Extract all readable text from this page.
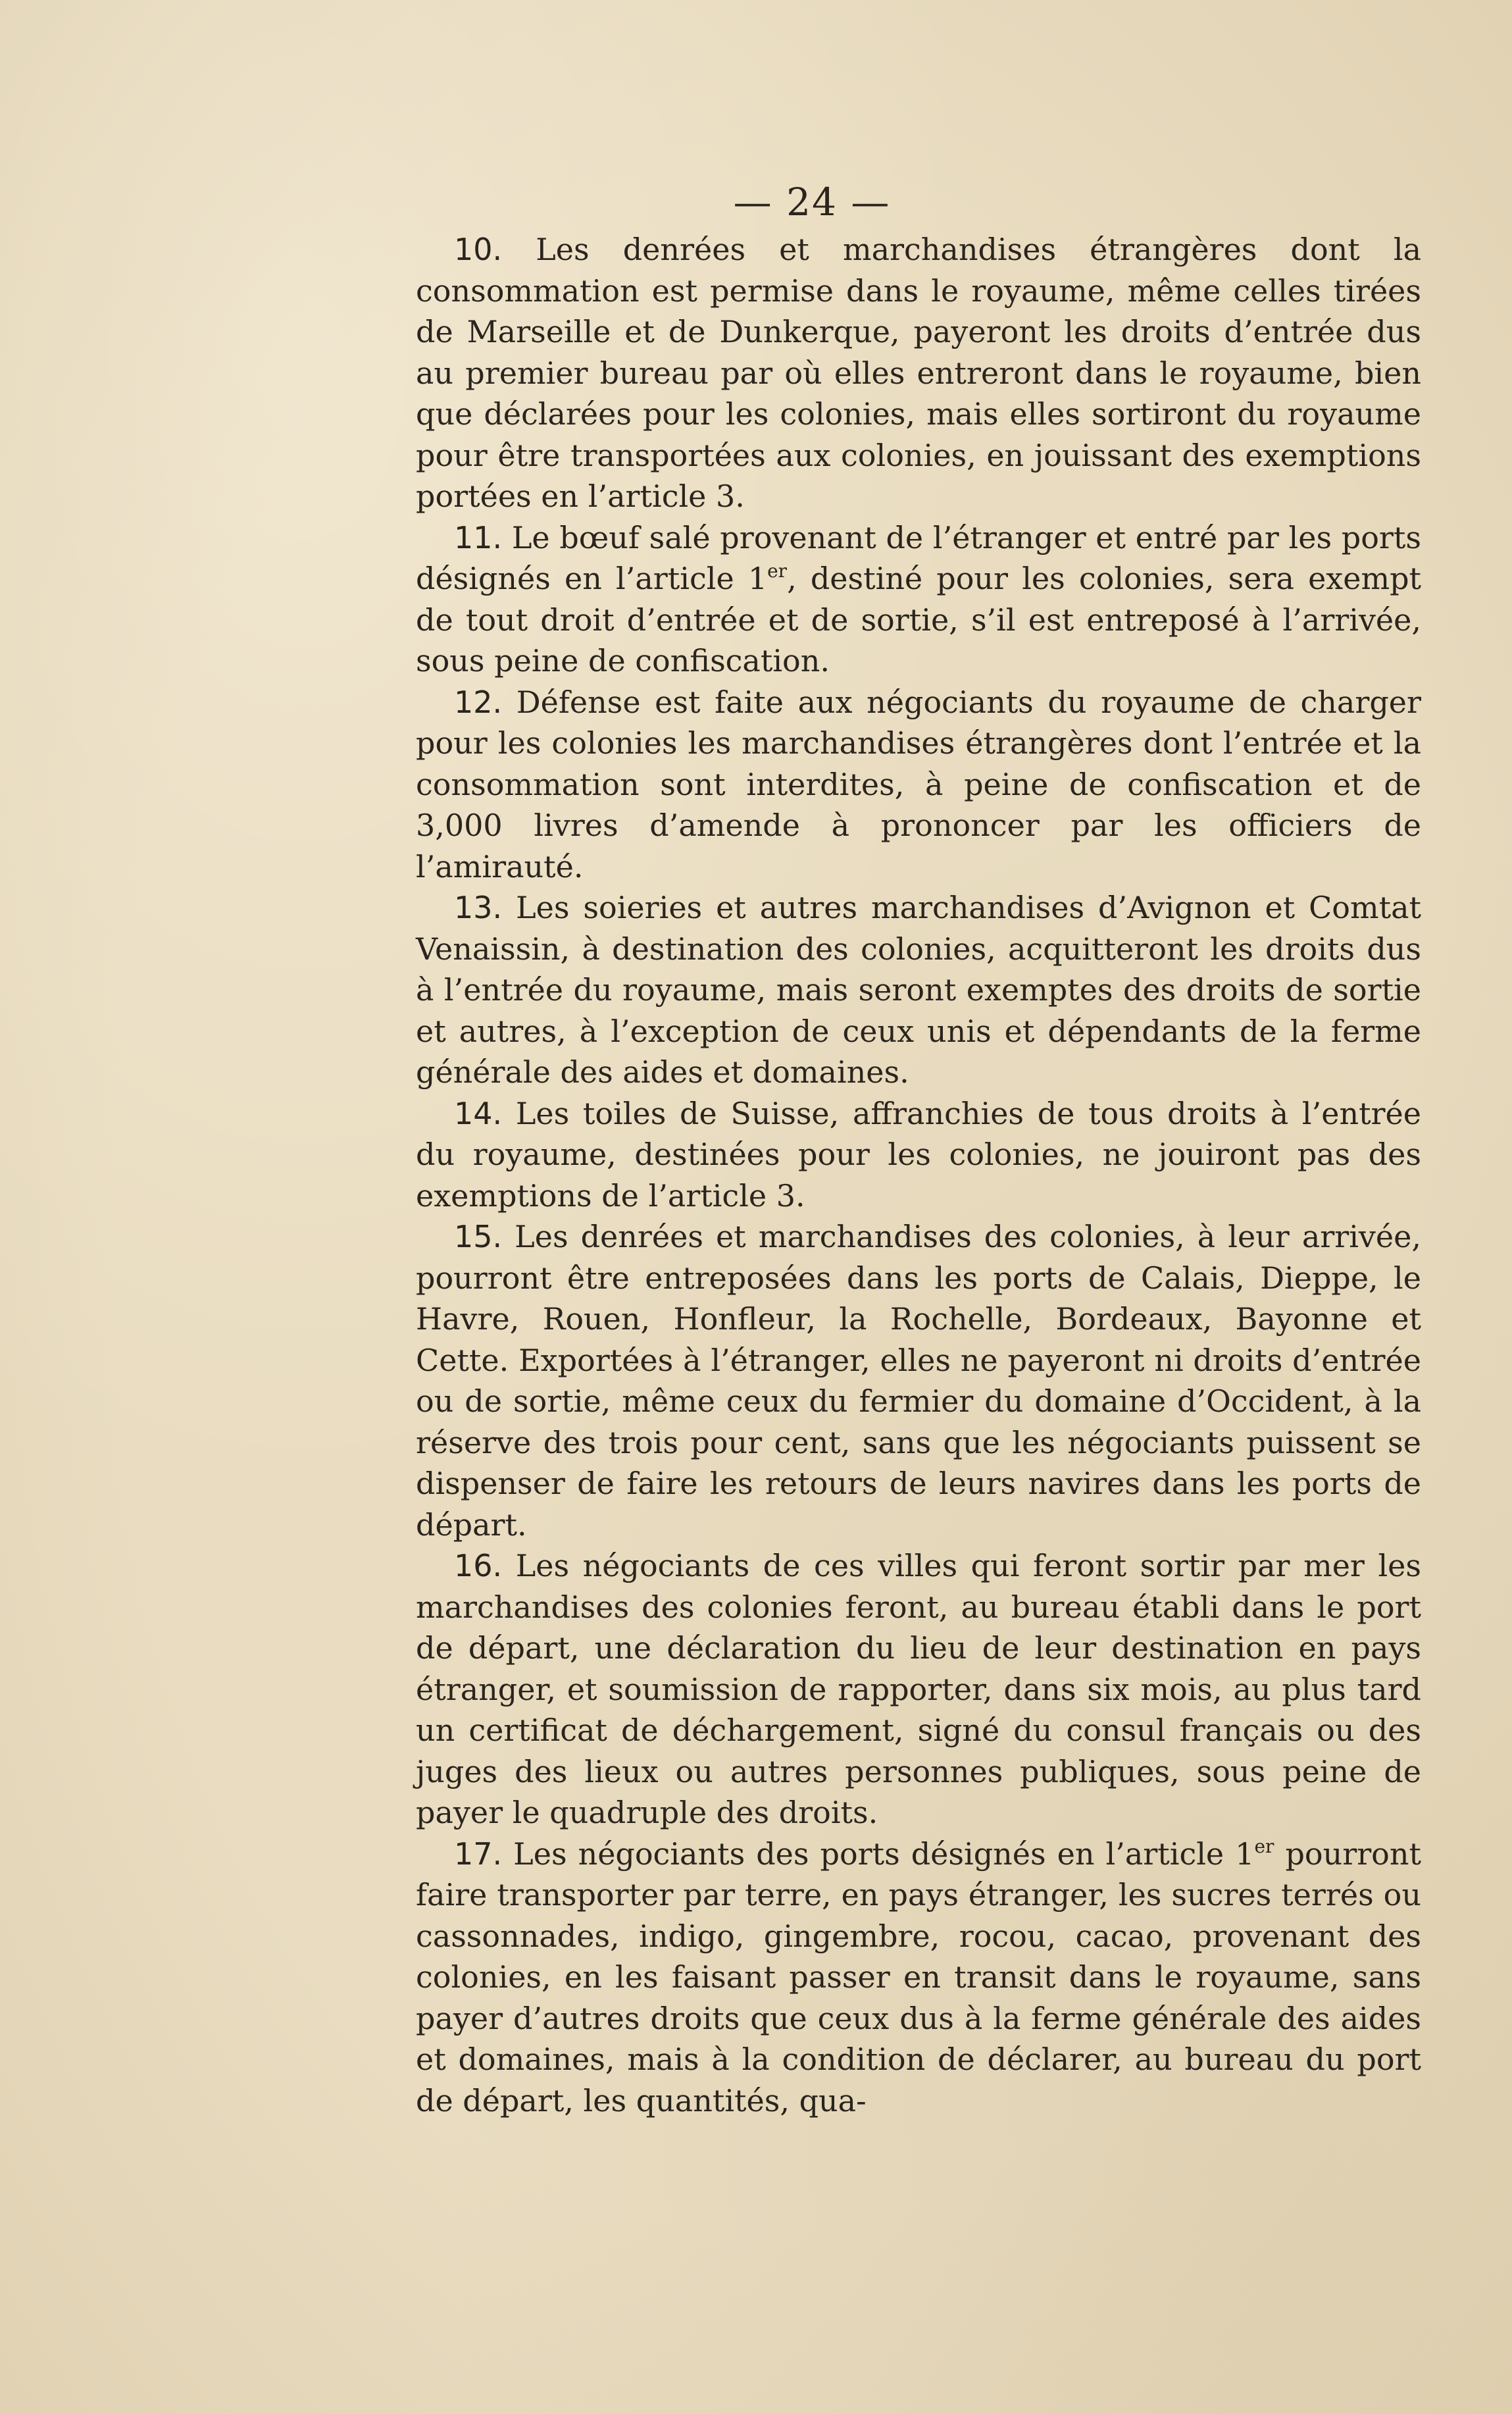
— 24 —

10. Les denrées et marchandises étrangères dont la consommation est permise dans le royaume, même celles tirées de Marseille et de Dunkerque, payeront les droits d’entrée dus au premier bureau par où elles entreront dans le royaume, bien que déclarées pour les colonies, mais elles sortiront du royaume pour être transportées aux colonies, en jouissant des exemptions portées en l’article 3.

11. Le bœuf salé provenant de l’étranger et entré par les ports désignés en l’article 1er, destiné pour les colonies, sera exempt de tout droit d’entrée et de sortie, s’il est entreposé à l’arrivée, sous peine de confiscation.

12. Défense est faite aux négociants du royaume de charger pour les colonies les marchandises étrangères dont l’entrée et la consommation sont interdites, à peine de confiscation et de 3,000 livres d’amende à prononcer par les officiers de l’amirauté.

13. Les soieries et autres marchandises d’Avignon et Comtat Venaissin, à destination des colonies, acquitteront les droits dus à l’entrée du royaume, mais seront exemptes des droits de sortie et autres, à l’exception de ceux unis et dépendants de la ferme générale des aides et domaines.

14. Les toiles de Suisse, affranchies de tous droits à l’entrée du royaume, destinées pour les colonies, ne jouiront pas des exemptions de l’article 3.

15. Les denrées et marchandises des colonies, à leur arrivée, pourront être entreposées dans les ports de Calais, Dieppe, le Havre, Rouen, Honfleur, la Rochelle, Bordeaux, Bayonne et Cette. Exportées à l’étranger, elles ne payeront ni droits d’entrée ou de sortie, même ceux du fermier du domaine d’Occident, à la réserve des trois pour cent, sans que les négociants puissent se dispenser de faire les retours de leurs navires dans les ports de départ.

16. Les négociants de ces villes qui feront sortir par mer les marchandises des colonies feront, au bureau établi dans le port de départ, une déclaration du lieu de leur destination en pays étranger, et soumission de rapporter, dans six mois, au plus tard un certificat de déchargement, signé du consul français ou des juges des lieux ou autres personnes publiques, sous peine de payer le quadruple des droits.

17. Les négociants des ports désignés en l’article 1er pourront faire transporter par terre, en pays étranger, les sucres terrés ou cassonnades, indigo, gingembre, rocou, cacao, provenant des colonies, en les faisant passer en transit dans le royaume, sans payer d’autres droits que ceux dus à la ferme générale des aides et domaines, mais à la condition de déclarer, au bureau du port de départ, les quantités, qua-
